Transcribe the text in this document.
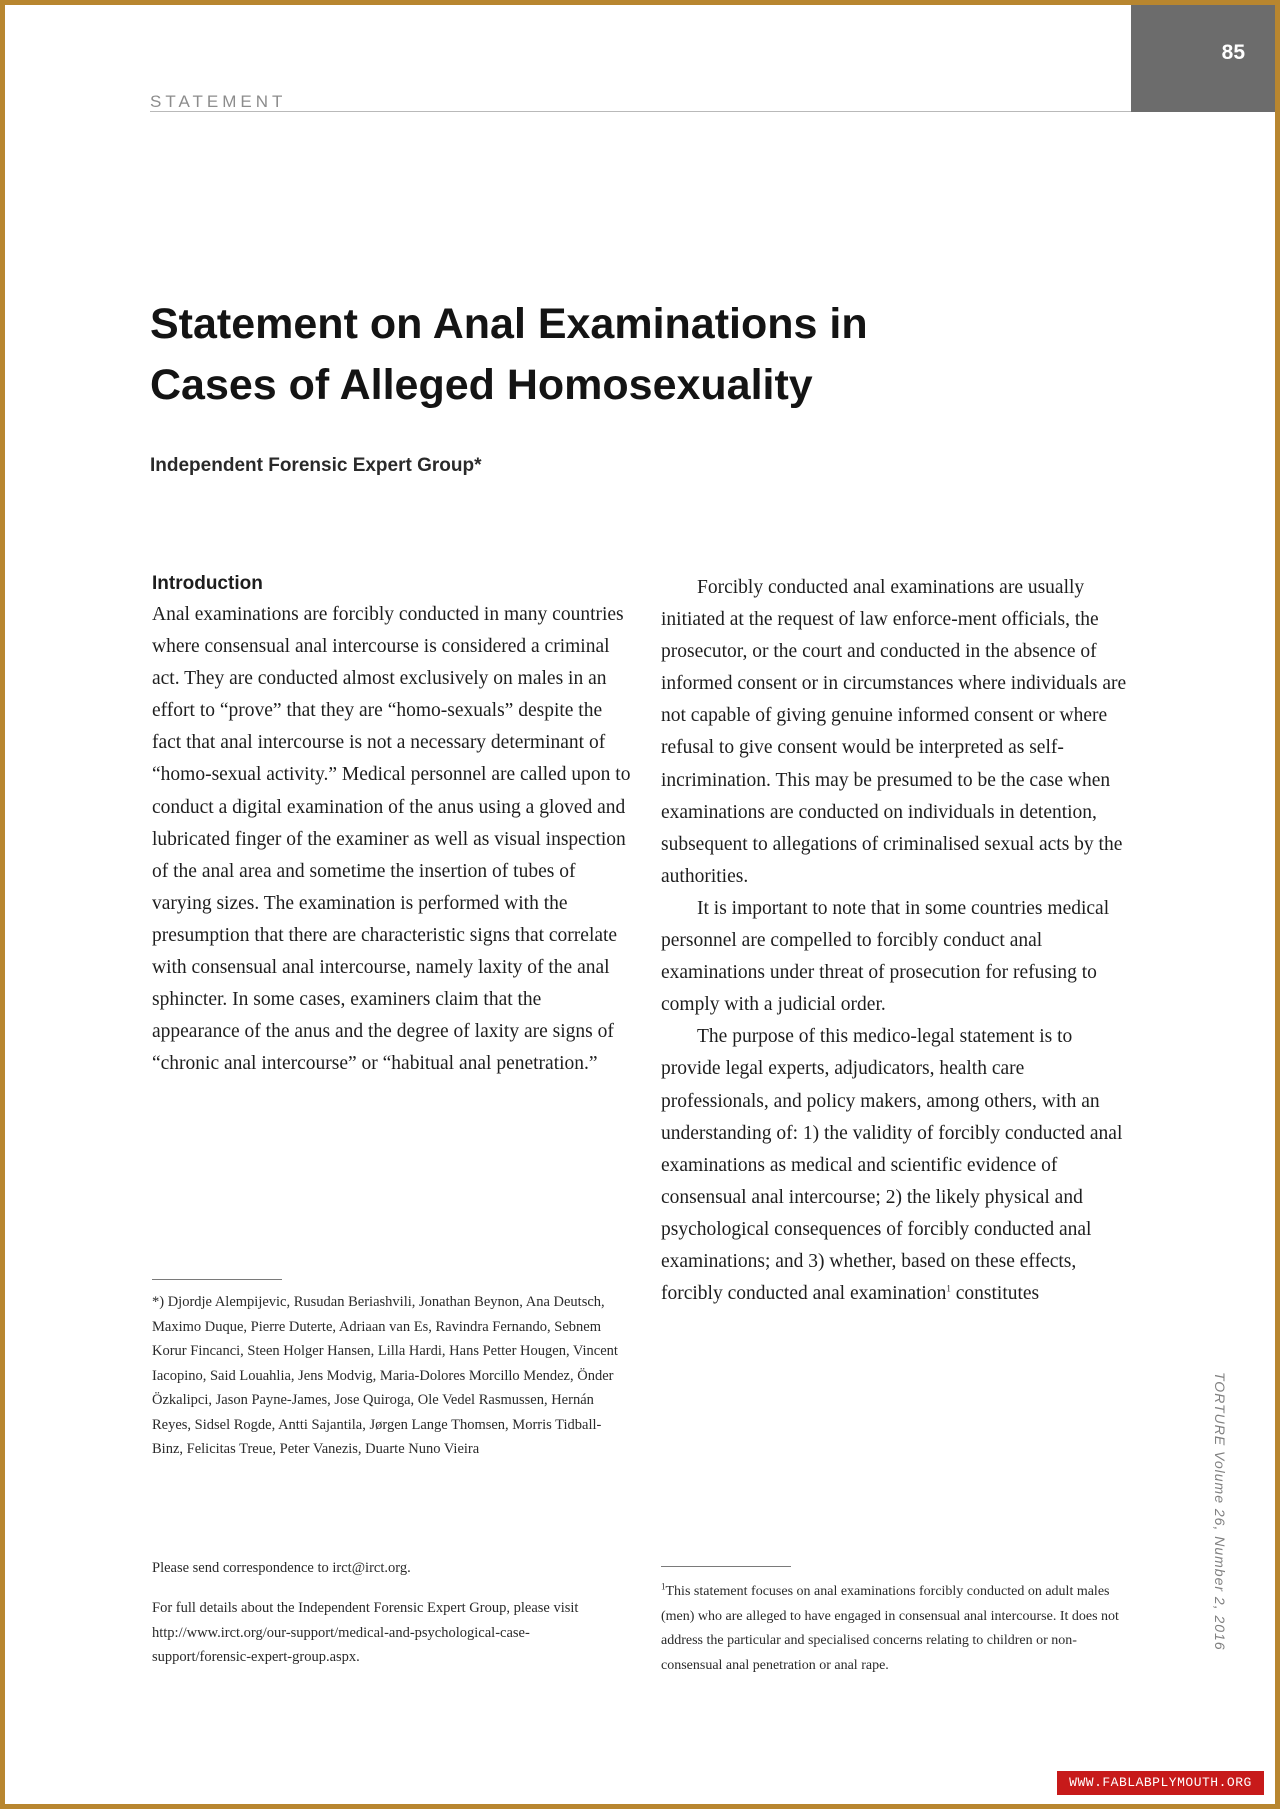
85
STATEMENT
Statement on Anal Examinations in
Cases of Alleged Homosexuality
Independent Forensic Expert Group*
Introduction

Anal examinations are forcibly conducted in many countries where consensual anal intercourse is considered a criminal act. They are conducted almost exclusively on males in an effort to “prove” that they are “homo-sexuals” despite the fact that anal intercourse is not a necessary determinant of “homo-sexual activity.” Medical personnel are called upon to conduct a digital examination of the anus using a gloved and lubricated finger of the examiner as well as visual inspection of the anal area and sometime the insertion of tubes of varying sizes. The examination is performed with the presumption that there are characteristic signs that correlate with consensual anal intercourse, namely laxity of the anal sphincter. In some cases, examiners claim that the appearance of the anus and the degree of laxity are signs of “chronic anal intercourse” or “habitual anal penetration.”

Forcibly conducted anal examinations are usually initiated at the request of law enforce-ment officials, the prosecutor, or the court and conducted in the absence of informed consent or in circumstances where individuals are not capable of giving genuine informed consent or where refusal to give consent would be interpreted as self-incrimination. This may be presumed to be the case when examinations are conducted on individuals in detention, subsequent to allegations of criminalised sexual acts by the authorities.

It is important to note that in some countries medical personnel are compelled to forcibly conduct anal examinations under threat of prosecution for refusing to comply with a judicial order.

The purpose of this medico-legal statement is to provide legal experts, adjudicators, health care professionals, and policy makers, among others, with an understanding of: 1) the validity of forcibly conducted anal examinations as medical and scientific evidence of consensual anal intercourse; 2) the likely physical and psychological consequences of forcibly conducted anal examinations; and 3) whether, based on these effects, forcibly conducted anal examination$^1$ constitutes

*) Djordje Alempijevic, Rusudan Beriashvili, Jonathan Beynon, Ana Deutsch, Maximo Duque, Pierre Duterte, Adriaan van Es, Ravindra Fernando, Sebnem Korur Fincanci, Steen Holger Hansen, Lilla Hardi, Hans Petter Hougen, Vincent Iacopino, Said Louahlia, Jens Modvig, Maria-Dolores Morcillo Mendez, Önder Özkalipci, Jason Payne-James, Jose Quiroga, Ole Vedel Rasmussen, Hernán Reyes, Sidsel Rogde, Antti Sajantila, Jørgen Lange Thomsen, Morris Tidball-Binz, Felicitas Treue, Peter Vanezis, Duarte Nuno Vieira

Please send correspondence to irct@irct.org.

For full details about the Independent Forensic Expert Group, please visit http://www.irct.org/our-support/medical-and-psychological-case-support/forensic-expert-group.aspx.

$^1$This statement focuses on anal examinations forcibly conducted on adult males (men) who are alleged to have engaged in consensual anal intercourse. It does not address the particular and specialised concerns relating to children or non-consensual anal penetration or anal rape.

TORTURE Volume 26, Number 2, 2016
WWW.FABLABPLYMOUTH.ORG
